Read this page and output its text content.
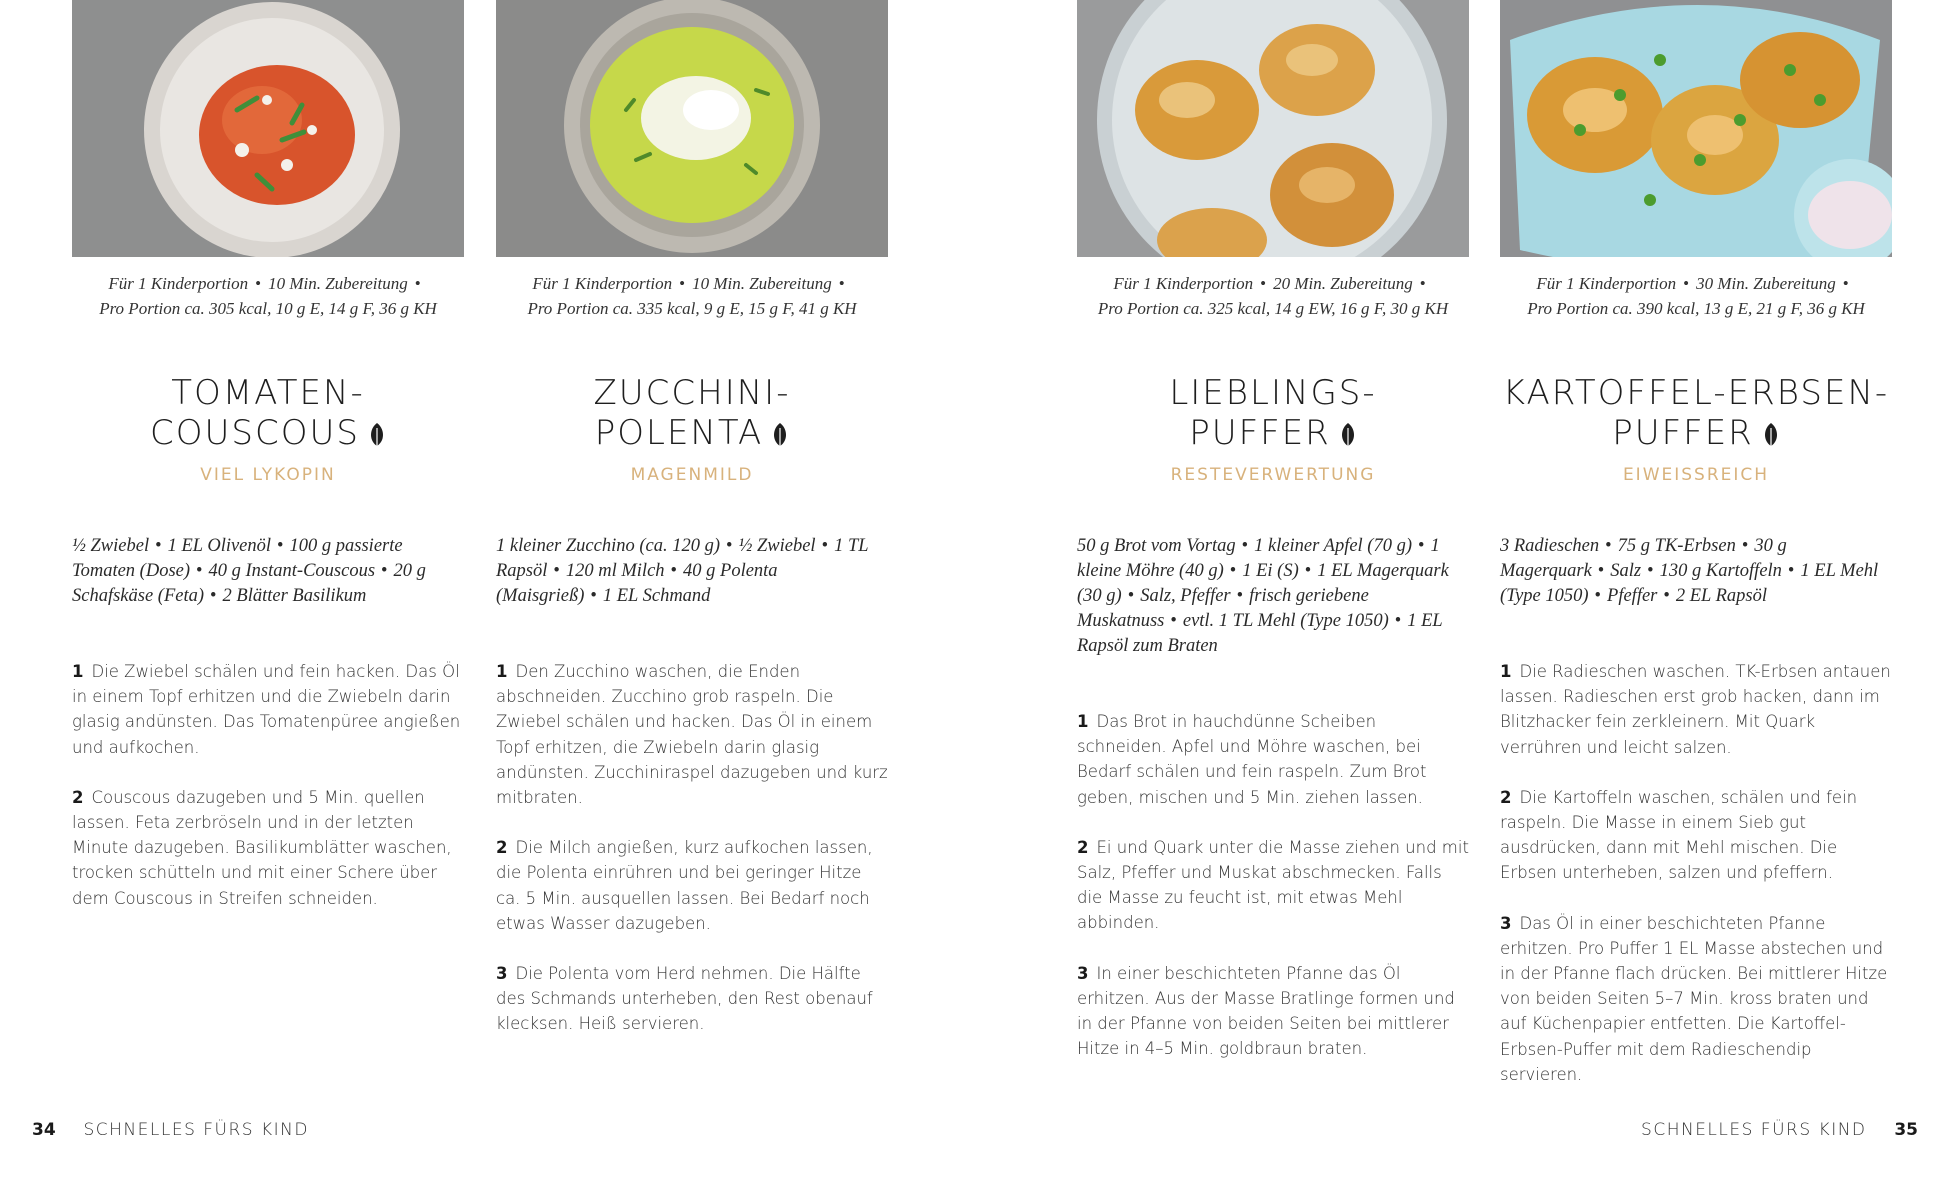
Für 1 Kinderportion • 10 Min. Zubereitung •
Pro Portion ca. 305 kcal, 10 g E, 14 g F, 36 g KH
TOMATEN-
COUSCOUS
VIEL LYKOPIN
½ Zwiebel • 1 EL Olivenöl • 100 g passierte Tomaten (Dose) • 40 g Instant-Couscous • 20 g Schafskäse (Feta) • 2 Blätter Basilikum
1 Die Zwiebel schälen und fein hacken. Das Öl in einem Topf erhitzen und die Zwiebeln darin glasig andünsten. Das Tomatenpüree angießen und aufkochen.
2 Couscous dazugeben und 5 Min. quellen lassen. Feta zerbröseln und in der letzten Minute dazugeben. Basilikumblätter waschen, trocken schütteln und mit einer Schere über dem Couscous in Streifen schneiden.
Für 1 Kinderportion • 10 Min. Zubereitung •
Pro Portion ca. 335 kcal, 9 g E, 15 g F, 41 g KH
ZUCCHINI-
POLENTA
MAGENMILD
1 kleiner Zucchino (ca. 120 g) • ½ Zwiebel • 1 TL Rapsöl • 120 ml Milch • 40 g Polenta (Maisgrieß) • 1 EL Schmand
1 Den Zucchino waschen, die Enden abschneiden. Zucchino grob raspeln. Die Zwiebel schälen und hacken. Das Öl in einem Topf erhitzen, die Zwiebeln darin glasig andünsten. Zucchiniraspel dazugeben und kurz mitbraten.
2 Die Milch angießen, kurz aufkochen lassen, die Polenta einrühren und bei geringer Hitze ca. 5 Min. ausquellen lassen. Bei Bedarf noch etwas Wasser dazugeben.
3 Die Polenta vom Herd nehmen. Die Hälfte des Schmands unterheben, den Rest obenauf klecksen. Heiß servieren.
Für 1 Kinderportion • 20 Min. Zubereitung •
Pro Portion ca. 325 kcal, 14 g EW, 16 g F, 30 g KH
LIEBLINGS-
PUFFER
RESTEVERWERTUNG
50 g Brot vom Vortag • 1 kleiner Apfel (70 g) • 1 kleine Möhre (40 g) • 1 Ei (S) • 1 EL Magerquark (30 g) • Salz, Pfeffer • frisch geriebene Muskatnuss • evtl. 1 TL Mehl (Type 1050) • 1 EL Rapsöl zum Braten
1 Das Brot in hauchdünne Scheiben schneiden. Apfel und Möhre waschen, bei Bedarf schälen und fein raspeln. Zum Brot geben, mischen und 5 Min. ziehen lassen.
2 Ei und Quark unter die Masse ziehen und mit Salz, Pfeffer und Muskat abschmecken. Falls die Masse zu feucht ist, mit etwas Mehl abbinden.
3 In einer beschichteten Pfanne das Öl erhitzen. Aus der Masse Bratlinge formen und in der Pfanne von beiden Seiten bei mittlerer Hitze in 4–5 Min. goldbraun braten.
Für 1 Kinderportion • 30 Min. Zubereitung •
Pro Portion ca. 390 kcal, 13 g E, 21 g F, 36 g KH
KARTOFFEL-ERBSEN-
PUFFER
EIWEISSREICH
3 Radieschen • 75 g TK-Erbsen • 30 g Magerquark • Salz • 130 g Kartoffeln • 1 EL Mehl (Type 1050) • Pfeffer • 2 EL Rapsöl
1 Die Radieschen waschen. TK-Erbsen antauen lassen. Radieschen erst grob hacken, dann im Blitzhacker fein zerkleinern. Mit Quark verrühren und leicht salzen.
2 Die Kartoffeln waschen, schälen und fein raspeln. Die Masse in einem Sieb gut ausdrücken, dann mit Mehl mischen. Die Erbsen unterheben, salzen und pfeffern.
3 Das Öl in einer beschichteten Pfanne erhitzen. Pro Puffer 1 EL Masse abstechen und in der Pfanne flach drücken. Bei mittlerer Hitze von beiden Seiten 5–7 Min. kross braten und auf Küchenpapier entfetten. Die Kartoffel-Erbsen-Puffer mit dem Radieschendip servieren.
34 SCHNELLES FÜRS KIND	SCHNELLES FÜRS KIND 35
